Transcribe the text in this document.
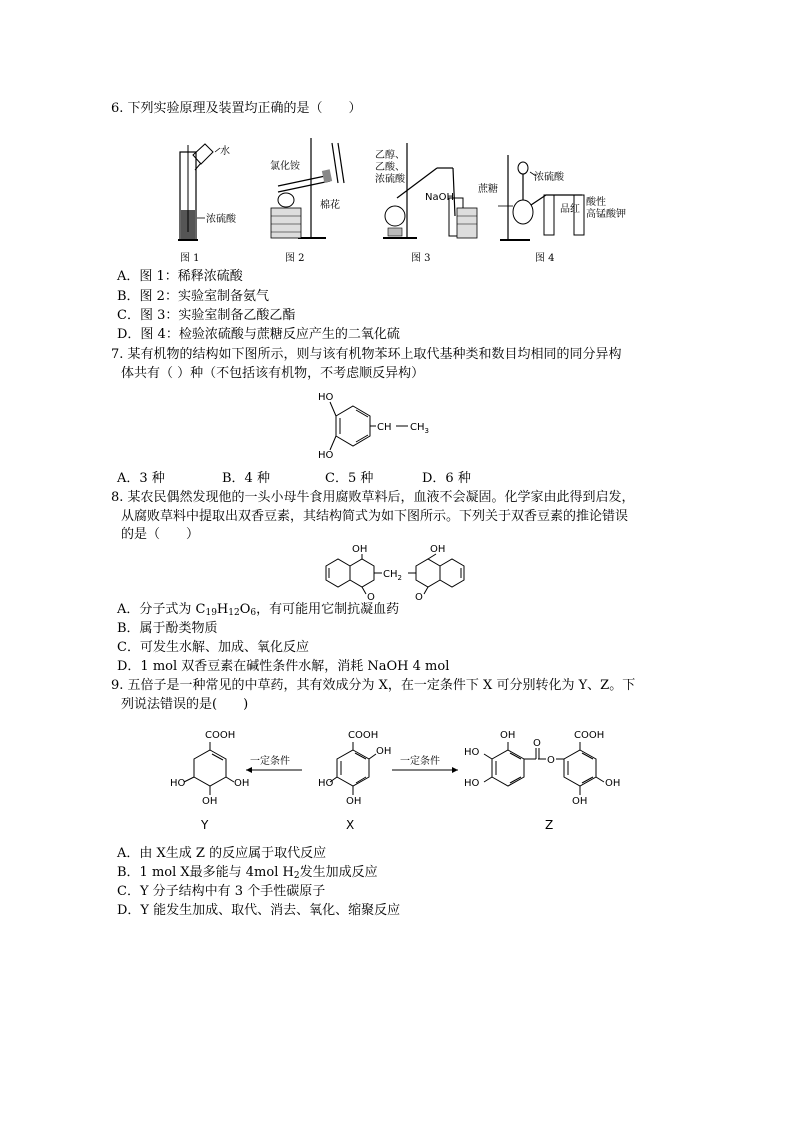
6. 下列实验原理及装置均正确的是（　　）
水
浓硫酸
氯化铵
棉花
乙醇、
乙酸、
浓硫酸
NaOH
蔗糖
浓硫酸
品红
酸性
高锰酸钾
图 1	图 2	图 3	图 4
A．图 1：稀释浓硫酸
B．图 2：实验室制备氨气
C．图 3：实验室制备乙酸乙酯
D．图 4：检验浓硫酸与蔗糖反应产生的二氧化硫
7. 某有机物的结构如下图所示，则与该有机物苯环上取代基种类和数目均相同的同分异构
体共有（ ）种（不包括该有机物，不考虑顺反异构）
HO
HO
CH $CH_3$
A．3 种	B．4 种	C．5 种	D．6 种
8. 某农民偶然发现他的一头小母牛食用腐败草料后，血液不会凝固。化学家由此得到启发，
从腐败草料中提取出双香豆素，其结构简式为如下图所示。下列关于双香豆素的推论错误
的是（　　）
OH	OH
$CH_2$
O	O
A．分子式为 $C_{19}H_{12}O_6$，有可能用它制抗凝血药
B．属于酚类物质
C．可发生水解、加成、氧化反应
D．1 mol 双香豆素在碱性条件水解，消耗 NaOH 4 mol
9. 五倍子是一种常见的中草药，其有效成分为 X，在一定条件下 X 可分别转化为 Y、Z。下
列说法错误的是(　　)
COOH
HO	OH
OH
一定条件
COOH
OH
HO
OH
一定条件
OH
HO
HO
O
O
COOH
OH
OH
Y	X	Z
A．由 X生成 Z 的反应属于取代反应
B．1 mol X最多能与 4mol $H_2$发生加成反应
C．Y 分子结构中有 3 个手性碳原子
D．Y 能发生加成、取代、消去、氧化、缩聚反应
